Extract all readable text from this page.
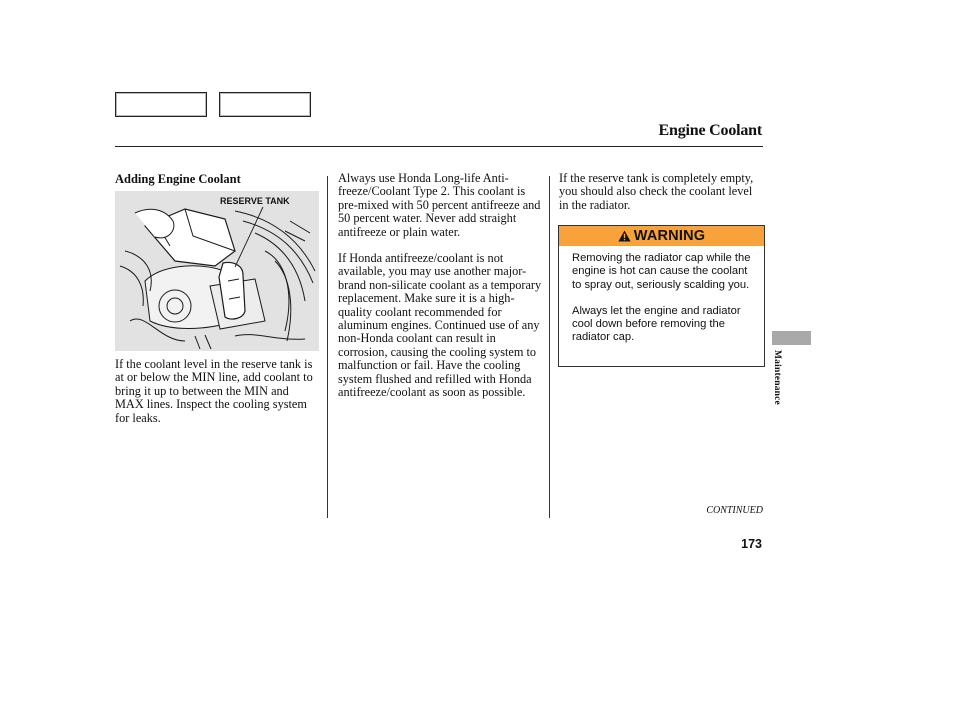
Engine Coolant
Adding Engine Coolant
RESERVE TANK

If the coolant level in the reserve tank is at or below the MIN line, add coolant to bring it up to between the MIN and MAX lines. Inspect the cooling system for leaks.

Always use Honda Long-life Anti-freeze/Coolant Type 2. This coolant is pre-mixed with 50 percent antifreeze and 50 percent water. Never add straight antifreeze or plain water.

If Honda antifreeze/coolant is not available, you may use another major-brand non-silicate coolant as a temporary replacement. Make sure it is a high-quality coolant recommended for aluminum engines. Continued use of any non-Honda coolant can result in corrosion, causing the cooling system to malfunction or fail. Have the cooling system flushed and refilled with Honda antifreeze/coolant as soon as possible.

If the reserve tank is completely empty, you should also check the coolant level in the radiator.

WARNING

Removing the radiator cap while the engine is hot can cause the coolant to spray out, seriously scalding you.

Always let the engine and radiator cool down before removing the radiator cap.

Maintenance
CONTINUED
173
